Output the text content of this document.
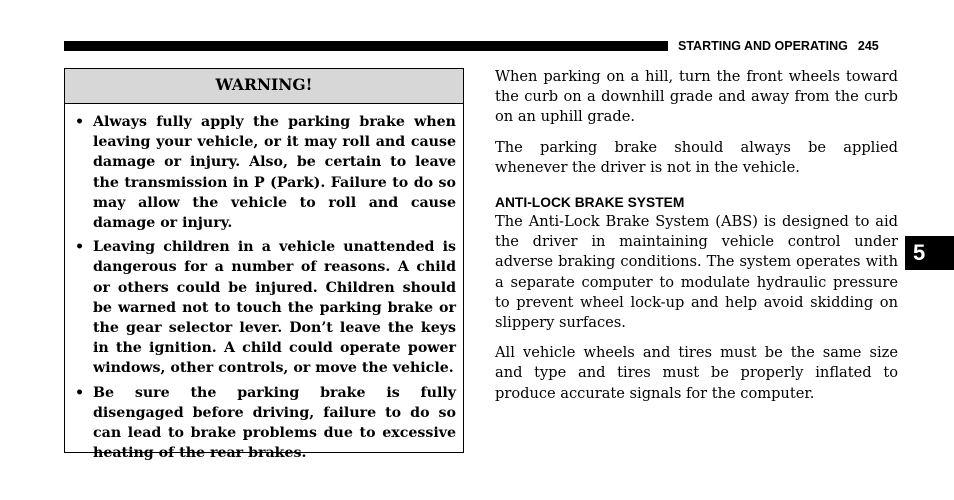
STARTING AND OPERATING 245
WARNING!
• Always fully apply the parking brake when leaving your vehicle, or it may roll and cause damage or injury. Also, be certain to leave the transmission in P (Park). Failure to do so may allow the vehicle to roll and cause damage or injury.
• Leaving children in a vehicle unattended is dangerous for a number of reasons. A child or others could be injured. Children should be warned not to touch the parking brake or the gear selector lever. Don’t leave the keys in the ignition. A child could operate power windows, other controls, or move the vehicle.
• Be sure the parking brake is fully disengaged before driving, failure to do so can lead to brake problems due to excessive heating of the rear brakes.

When parking on a hill, turn the front wheels toward the curb on a downhill grade and away from the curb on an uphill grade.

The parking brake should always be applied whenever the driver is not in the vehicle.

ANTI-LOCK BRAKE SYSTEM

The Anti-Lock Brake System (ABS) is designed to aid the driver in maintaining vehicle control under adverse braking conditions. The system operates with a separate computer to modulate hydraulic pressure to prevent wheel lock-up and help avoid skidding on slippery surfaces.

All vehicle wheels and tires must be the same size and type and tires must be properly inflated to produce accurate signals for the computer.

5
